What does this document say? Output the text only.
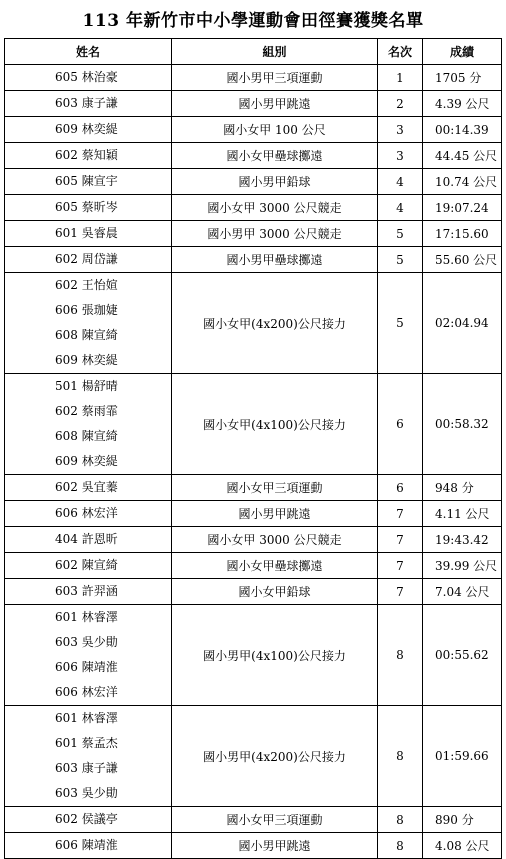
113 年新竹市中小學運動會田徑賽獲獎名單
姓名	組別	名次	成績

605 林治豪	國小男甲三項運動	1	1705 分

603 康子謙	國小男甲跳遠	2	4.39 公尺

609 林奕緹	國小女甲 100 公尺	3	00:14.39

602 蔡知穎	國小女甲壘球擲遠	3	44.45 公尺

605 陳宣宇	國小男甲鉛球	4	10.74 公尺

605 蔡昕岑	國小女甲 3000 公尺競走	4	19:07.24

601 吳睿晨	國小男甲 3000 公尺競走	5	17:15.60

602 周岱謙	國小男甲壘球擲遠	5	55.60 公尺

602 王怡媗
606 張珈婕
608 陳宣綺
609 林奕緹	國小女甲(4x200)公尺接力	5	02:04.94

501 楊舒晴
602 蔡雨霏
608 陳宣綺
609 林奕緹	國小女甲(4x100)公尺接力	6	00:58.32

602 吳宜蓁	國小女甲三項運動	6	948 分

606 林宏洋	國小男甲跳遠	7	4.11 公尺

404 許恩昕	國小女甲 3000 公尺競走	7	19:43.42

602 陳宣綺	國小女甲壘球擲遠	7	39.99 公尺

603 許羿涵	國小女甲鉛球	7	7.04 公尺

601 林睿澤
603 吳少勛
606 陳靖淮
606 林宏洋	國小男甲(4x100)公尺接力	8	00:55.62

601 林睿澤
601 蔡孟杰
603 康子謙
603 吳少勛	國小男甲(4x200)公尺接力	8	01:59.66

602 侯議亭	國小女甲三項運動	8	890 分

606 陳靖淮	國小男甲跳遠	8	4.08 公尺
